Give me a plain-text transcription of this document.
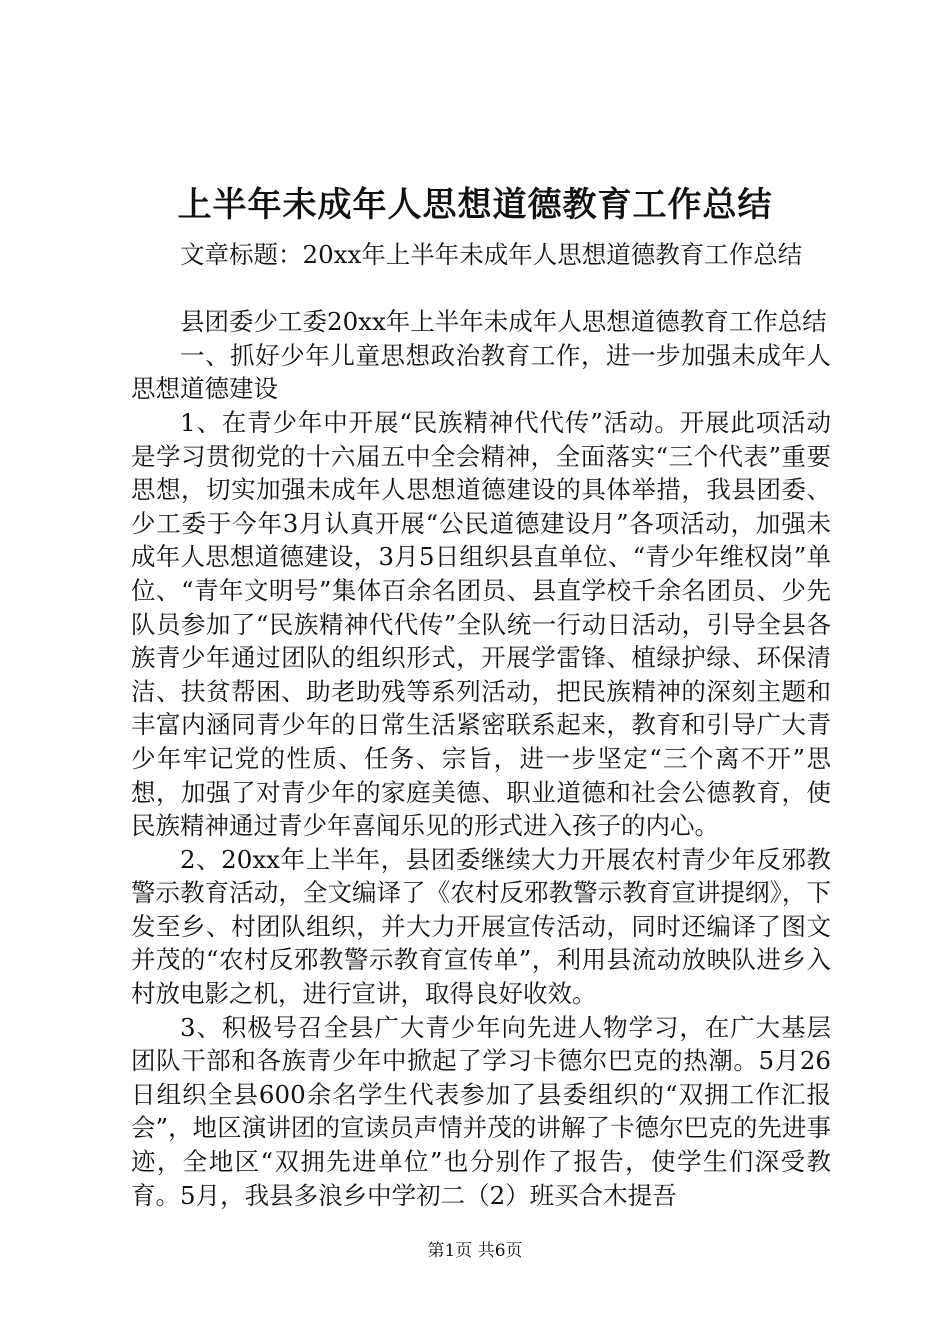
上半年未成年人思想道德教育工作总结

文章标题：20xx年上半年未成年人思想道德教育工作总结

县团委少工委20xx年上半年未成年人思想道德教育工作总结

一、抓好少年儿童思想政治教育工作，进一步加强未成年人思想道德建设

1、在青少年中开展“民族精神代代传”活动。开展此项活动是学习贯彻党的十六届五中全会精神，全面落实“三个代表”重要思想，切实加强未成年人思想道德建设的具体举措，我县团委、少工委于今年3月认真开展“公民道德建设月”各项活动，加强未成年人思想道德建设，3月5日组织县直单位、“青少年维权岗”单位、“青年文明号”集体百余名团员、县直学校千余名团员、少先队员参加了“民族精神代代传”全队统一行动日活动，引导全县各族青少年通过团队的组织形式，开展学雷锋、植绿护绿、环保清洁、扶贫帮困、助老助残等系列活动，把民族精神的深刻主题和丰富内涵同青少年的日常生活紧密联系起来，教育和引导广大青少年牢记党的性质、任务、宗旨，进一步坚定“三个离不开”思想，加强了对青少年的家庭美德、职业道德和社会公德教育，使民族精神通过青少年喜闻乐见的形式进入孩子的内心。

2、20xx年上半年，县团委继续大力开展农村青少年反邪教警示教育活动，全文编译了《农村反邪教警示教育宣讲提纲》，下发至乡、村团队组织，并大力开展宣传活动，同时还编译了图文并茂的“农村反邪教警示教育宣传单”，利用县流动放映队进乡入村放电影之机，进行宣讲，取得良好收效。

3、积极号召全县广大青少年向先进人物学习，在广大基层团队干部和各族青少年中掀起了学习卡德尔巴克的热潮。5月26日组织全县600余名学生代表参加了县委组织的“双拥工作汇报会”，地区演讲团的宣读员声情并茂的讲解了卡德尔巴克的先进事迹，全地区“双拥先进单位”也分别作了报告，使学生们深受教育。5月，我县多浪乡中学初二（2）班买合木提吾

第1页 共6页
